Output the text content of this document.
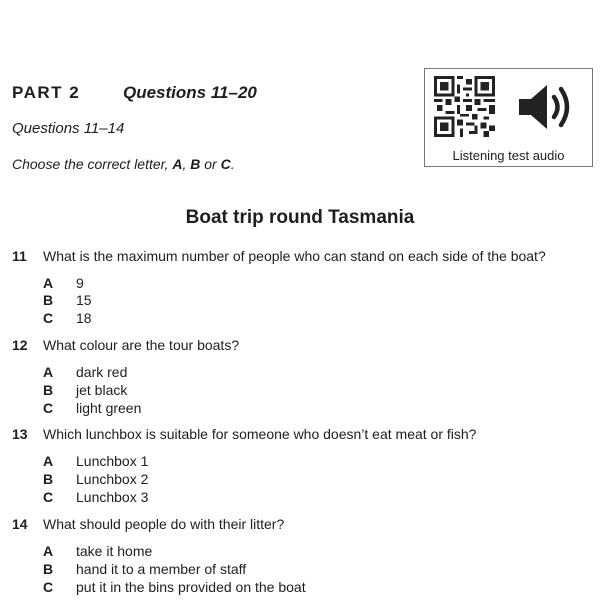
PART 2	Questions 11–20
Questions 11–14
Choose the correct letter, A, B or C.
Listening test audio
Boat trip round Tasmania
11 What is the maximum number of people who can stand on each side of the boat?
A 9
B 15
C 18
12 What colour are the tour boats?
A dark red
B jet black
C light green
13 Which lunchbox is suitable for someone who doesn’t eat meat or fish?
A Lunchbox 1
B Lunchbox 2
C Lunchbox 3
14 What should people do with their litter?
A take it home
B hand it to a member of staff
C put it in the bins provided on the boat
